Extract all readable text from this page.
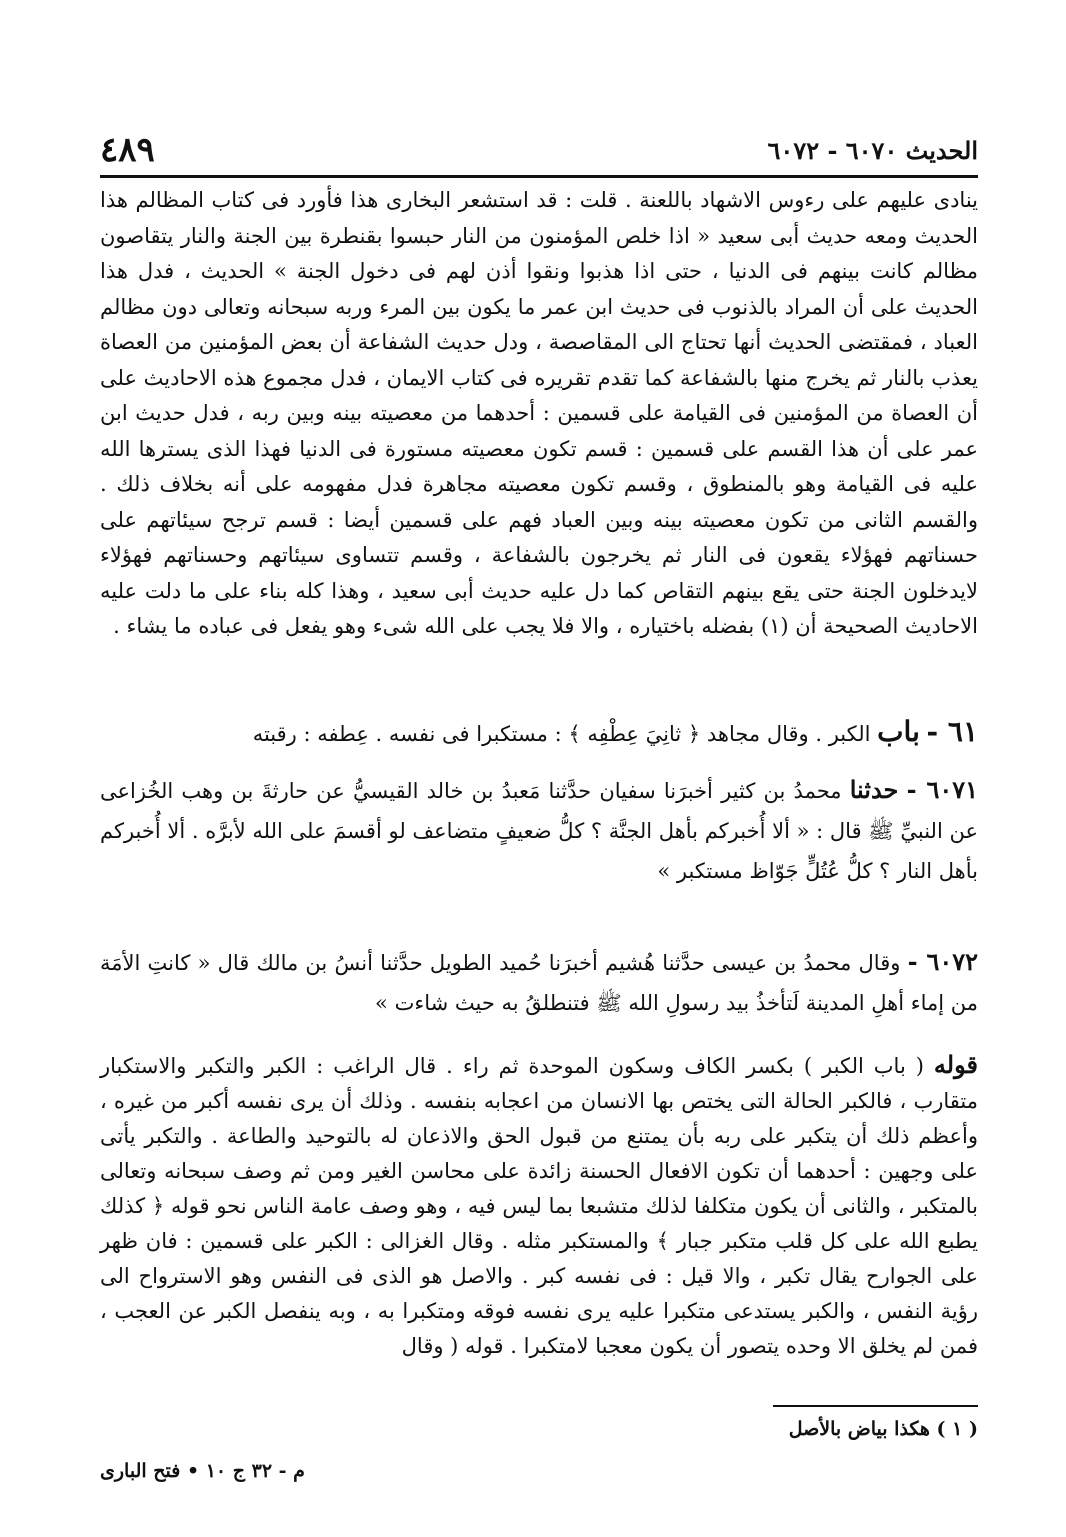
الحديث ٦٠٧٠ - ٦٠٧٢
٤٨٩

ينادى عليهم على رءوس الاشهاد باللعنة . قلت : قد استشعر البخارى هذا فأورد فى كتاب المظالم هذا الحديث ومعه حديث أبى سعيد « اذا خلص المؤمنون من النار حبسوا بقنطرة بين الجنة والنار يتقاصون مظالم كانت بينهم فى الدنيا ، حتى اذا هذبوا ونقوا أذن لهم فى دخول الجنة » الحديث ، فدل هذا الحديث على أن المراد بالذنوب فى حديث ابن عمر ما يكون بين المرء وربه سبحانه وتعالى دون مظالم العباد ، فمقتضى الحديث أنها تحتاج الى المقاصصة ، ودل حديث الشفاعة أن بعض المؤمنين من العصاة يعذب بالنار ثم يخرج منها بالشفاعة كما تقدم تقريره فى كتاب الايمان ، فدل مجموع هذه الاحاديث على أن العصاة من المؤمنين فى القيامة على قسمين : أحدهما من معصيته بينه وبين ربه ، فدل حديث ابن عمر على أن هذا القسم على قسمين : قسم تكون معصيته مستورة فى الدنيا فهذا الذى يسترها الله عليه فى القيامة وهو بالمنطوق ، وقسم تكون معصيته مجاهرة فدل مفهومه على أنه بخلاف ذلك . والقسم الثانى من تكون معصيته بينه وبين العباد فهم على قسمين أيضا : قسم ترجح سيئاتهم على حسناتهم فهؤلاء يقعون فى النار ثم يخرجون بالشفاعة ، وقسم تتساوى سيئاتهم وحسناتهم فهؤلاء لايدخلون الجنة حتى يقع بينهم التقاص كما دل عليه حديث أبى سعيد ، وهذا كله بناء على ما دلت عليه الاحاديث الصحيحة أن (١) بفضله باختياره ، والا فلا يجب على الله شىء وهو يفعل فى عباده ما يشاء .

٦١ - باب الكبر . وقال مجاهد ﴿ ثانِيَ عِطْفِه ﴾ : مستكبرا فى نفسه . عِطفه : رقبته
٦٠٧١ - حدثنا محمدُ بن كثير أخبرَنا سفيان حدَّثنا مَعبدُ بن خالد القيسيُّ عن حارثةَ بن وهب الخُزاعى عن النبيِّ ﷺ قال : « ألا أُخبركم بأهل الجنَّة ؟ كلُّ ضعيفٍ متضاعف لو أقسمَ على الله لأبرَّه . ألا أُخبركم بأهل النار ؟ كلُّ عُتُلٍّ جَوّاظ مستكبر »
٦٠٧٢ - وقال محمدُ بن عيسى حدَّثنا هُشيم أخبرَنا حُميد الطويل حدَّثنا أنسُ بن مالك قال « كانتِ الأمَة من إماء أهلِ المدينة لَتأخذُ بيد رسولِ الله ﷺ فتنطلقُ به حيث شاءت »
قوله ( باب الكبر ) بكسر الكاف وسكون الموحدة ثم راء . قال الراغب : الكبر والتكبر والاستكبار متقارب ، فالكبر الحالة التى يختص بها الانسان من اعجابه بنفسه . وذلك أن يرى نفسه أكبر من غيره ، وأعظم ذلك أن يتكبر على ربه بأن يمتنع من قبول الحق والاذعان له بالتوحيد والطاعة . والتكبر يأتى على وجهين : أحدهما أن تكون الافعال الحسنة زائدة على محاسن الغير ومن ثم وصف سبحانه وتعالى بالمتكبر ، والثانى أن يكون متكلفا لذلك متشبعا بما ليس فيه ، وهو وصف عامة الناس نحو قوله ﴿ كذلك يطبع الله على كل قلب متكبر جبار ﴾ والمستكبر مثله . وقال الغزالى : الكبر على قسمين : فان ظهر على الجوارح يقال تكبر ، والا قيل : فى نفسه كبر . والاصل هو الذى فى النفس وهو الاسترواح الى رؤية النفس ، والكبر يستدعى متكبرا عليه يرى نفسه فوقه ومتكبرا به ، وبه ينفصل الكبر عن العجب ، فمن لم يخلق الا وحده يتصور أن يكون معجبا لامتكبرا . قوله ( وقال
( ١ ) هكذا بياض بالأصل
م - ٣٢ ج ١٠ • فتح البارى
